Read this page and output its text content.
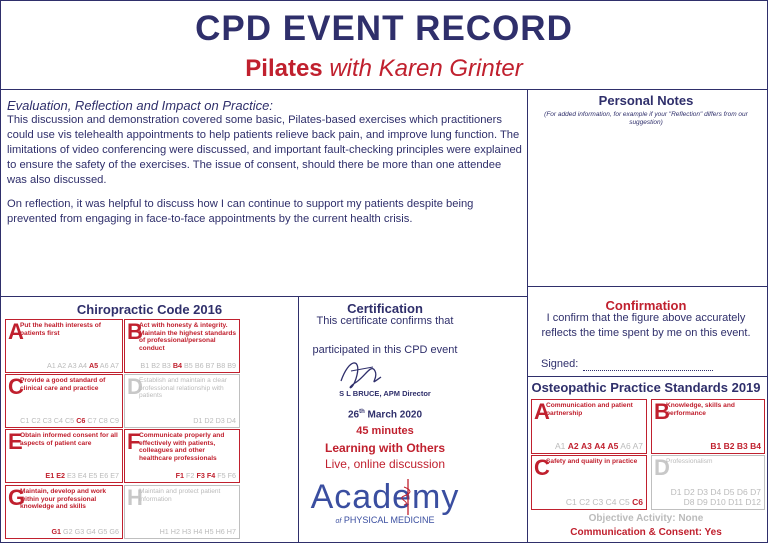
CPD EVENT RECORD
Pilates with Karen Grinter
Evaluation, Reflection and Impact on Practice:

This discussion and demonstration covered some basic, Pilates-based exercises which practitioners could use vis telehealth appointments to help patients relieve back pain, and improve lung function. The limitations of video conferencing were discussed, and important fault-checking principles were explained to ensure the safety of the exercises. The issue of consent, should there be more than one attendee was also discussed.

On reflection, it was helpful to discuss how I can continue to support my patients despite being prevented from engaging in face-to-face appointments by the current health crisis.

Personal Notes
(For added information, for example if your "Reflection" differs from our suggestion)
Chiropractic Code 2016
A
Put the health interests of patients first
A1 A2 A3 A4 A5 A6 A7
B
Act with honesty & integrity. Maintain the highest standards of professional/personal conduct
B1 B2 B3 B4 B5 B6 B7 B8 B9
C
Provide a good standard of clinical care and practice
C1 C2 C3 C4 C5 C6 C7 C8 C9
D
Establish and maintain a clear professional relationship with patients
D1 D2 D3 D4
E
Obtain informed consent for all aspects of patient care
E1 E2 E3 E4 E5 E6 E7
F
Communicate properly and effectively with patients, colleagues and other healthcare professionals
F1 F2 F3 F4 F5 F6
G
Maintain, develop and work within your professional knowledge and skills
G1 G2 G3 G4 G5 G6
H
Maintain and protect patient information
H1 H2 H3 H4 H5 H6 H7
Certification
This certificate confirms that
participated in this CPD event
S L BRUCE, APM Director
26th March 2020
45 minutes
Learning with Others
Live, online discussion
Academy
of PHYSICAL MEDICINE
Confirmation
I confirm that the figure above accurately reflects the time spent by me on this event.
Signed:
Osteopathic Practice Standards 2019
A
Communication and patient partnership
A1 A2 A3 A4 A5 A6 A7
B
Knowledge, skills and performance
B1 B2 B3 B4
C
Safety and quality in practice
C1 C2 C3 C4 C5 C6
D
Professionalism
D1 D2 D3 D4 D5 D6 D7 D8 D9 D10 D11 D12
Objective Activity: None
Communication & Consent: Yes
